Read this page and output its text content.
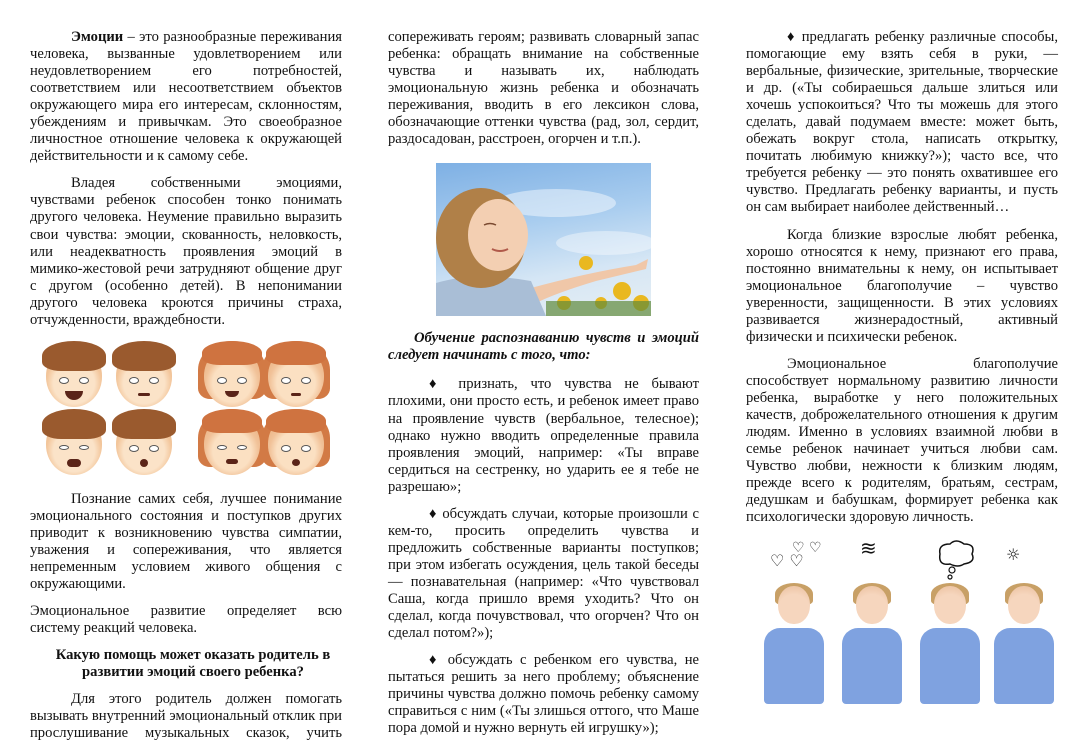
Эмоции – это разнообразные переживания человека, вызванные удовлетворением или неудовлетворением его потребностей, соответствием или несоответствием объектов окружающего мира его интересам, склонностям, убеждениям и привычкам. Это своеобразное личностное отношение человека к окружающей действительности и к самому себе.

Владея собственными эмоциями, чувствами ребенок способен тонко понимать другого человека. Неумение правильно выразить свои чувства: эмоции, скованность, неловкость, или неадекватность проявления эмоций в мимико-жестовой речи затрудняют общение друг с другом (особенно детей). В непонимании другого человека кроются причины страха, отчужденности, враждебности.

Познание самих себя, лучшее понимание эмоционального состояния и поступков других приводит к возникновению чувства симпатии, уважения и сопереживания, что является непременным условием живого общения с окружающими.

Эмоциональное развитие определяет всю систему реакций человека.

Какую помощь может оказать родитель в развитии эмоций своего ребенка?

Для этого родитель должен помогать вызывать внутренний эмоциональный отклик при прослушивание музыкальных сказок, учить

сопереживать героям; развивать словарный запас ребенка: обращать внимание на собственные чувства и называть их, наблюдать эмоциональную жизнь ребенка и обозначать переживания, вводить в его лексикон слова, обозначающие оттенки чувства (рад, зол, сердит, раздосадован, расстроен, огорчен и т.п.).

Обучение распознаванию чувств и эмоций следует начинать с того, что:

♦ признать, что чувства не бывают плохими, они просто есть, и ребенок имеет право на проявление чувств (вербальное, телесное); однако нужно вводить определенные правила проявления эмоций, например: «Ты вправе сердиться на сестренку, но ударить ее я тебе не разрешаю»;

♦ обсуждать случаи, которые произошли с кем-то, просить определить чувства и предложить собственные варианты поступков; при этом избегать осуждения, цель такой беседы — познавательная (например: «Что чувствовал Саша, когда пришло время уходить? Что он сделал, когда почувствовал, что огорчен? Что он сделал потом?»);

♦ обсуждать с ребенком его чувства, не пытаться решить за него проблему; объяснение причины чувства должно помочь ребенку самому справиться с ним («Ты злишься оттого, что Маше пора домой и нужно вернуть ей игрушку»);

♦ предлагать ребенку различные способы, помогающие ему взять себя в руки, — вербальные, физические, зрительные, творческие и др. («Ты собираешься дальше злиться или хочешь успокоиться? Что ты можешь для этого сделать, давай подумаем вместе: может быть, обежать вокруг стола, написать открытку, почитать любимую книжку?»); часто все, что требуется ребенку — это понять охватившее его чувство. Предлагать ребенку варианты, и пусть он сам выбирает наиболее действенный…

Когда близкие взрослые любят ребенка, хорошо относятся к нему, признают его права, постоянно внимательны к нему, он испытывает эмоциональное благополучие – чувство уверенности, защищенности. В этих условиях развивается жизнерадостный, активный физически и психически ребенок.

Эмоциональное благополучие способствует нормальному развитию личности ребенка, выработке у него положительных качеств, доброжелательного отношения к другим людям. Именно в условиях взаимной любви в семье ребенок начинает учиться любви сам. Чувство любви, нежности к близким людям, прежде всего к родителям, братьям, сестрам, дедушкам и бабушкам, формирует ребенка как психологически здоровую личность.

♡ ♡
♡ ♡ ≋	☼
